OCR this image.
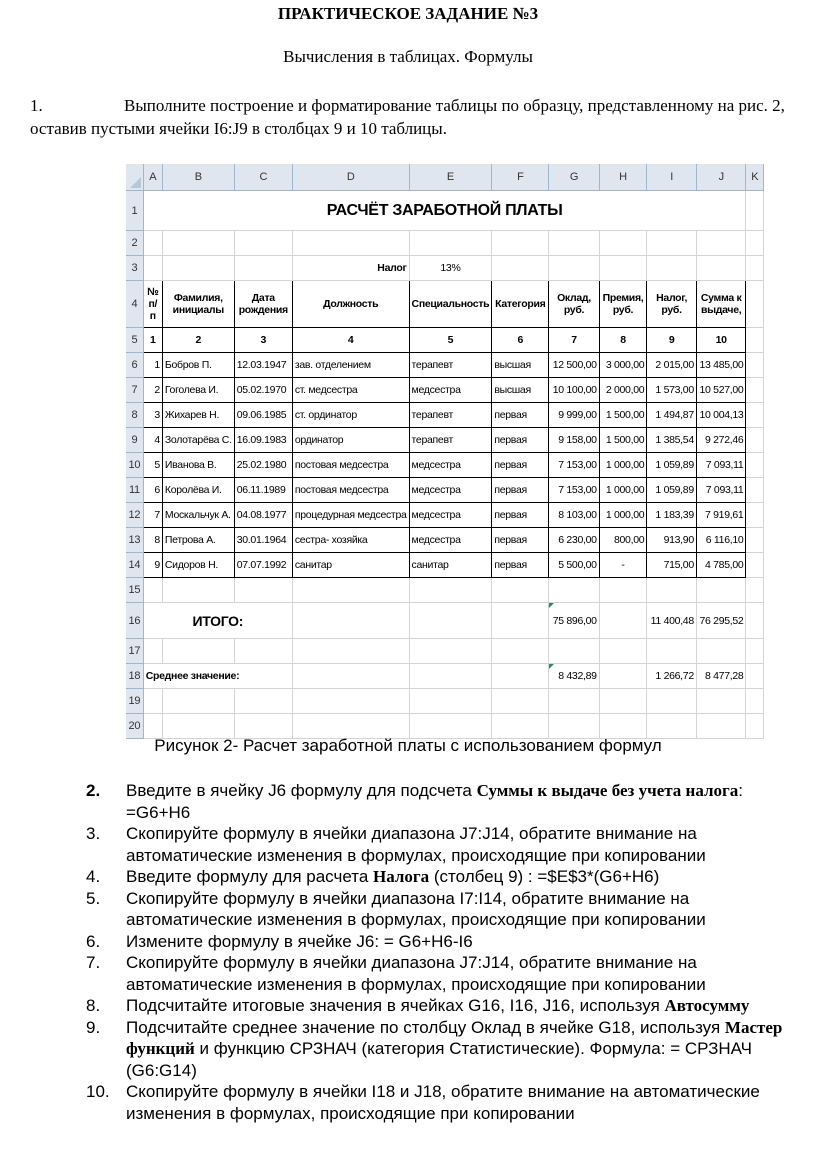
ПРАКТИЧЕСКОЕ ЗАДАНИЕ №3
Вычисления в таблицах. Формулы
1.	Выполните построение и форматирование таблицы по образцу, представленному на рис. 2, оставив пустыми ячейки I6:J9 в столбцах 9 и 10 таблицы.
	A	B	C	D	E	F	G	H	I	J	K
1	РАСЧЁТ ЗАРАБОТНОЙ ПЛАТЫ										
2											
3				Налог	13%						
4	№ п/п	Фамилия, инициалы	Дата рождения	Должность	Специальность	Категория	Оклад, руб.	Премия, руб.	Налог, руб.	Сумма к выдаче,	
5	1	2	3	4	5	6	7	8	9	10	
6	1	Бобров П.	12.03.1947	зав. отделением	терапевт	высшая	12 500,00	3 000,00	2 015,00	13 485,00	
7	2	Гоголева И.	05.02.1970	ст. медсестра	медсестра	высшая	10 100,00	2 000,00	1 573,00	10 527,00	
8	3	Жихарев Н.	09.06.1985	ст. ординатор	терапевт	первая	9 999,00	1 500,00	1 494,87	10 004,13	
9	4	Золотарёва С.	16.09.1983	ординатор	терапевт	первая	9 158,00	1 500,00	1 385,54	9 272,46	
10	5	Иванова В.	25.02.1980	постовая медсестра	медсестра	первая	7 153,00	1 000,00	1 059,89	7 093,11	
11	6	Королёва И.	06.11.1989	постовая медсестра	медсестра	первая	7 153,00	1 000,00	1 059,89	7 093,11	
12	7	Москальчук А.	04.08.1977	процедурная медсестра	медсестра	первая	8 103,00	1 000,00	1 183,39	7 919,61	
13	8	Петрова А.	30.01.1964	сестра- хозяйка	медсестра	первая	6 230,00	800,00	913,90	6 116,10	
14	9	Сидоров Н.	07.07.1992	санитар	санитар	первая	5 500,00	-	715,00	4 785,00	
15											
16	ИТОГО:						75 896,00		11 400,48	76 295,52	
17											
18	Среднее значение:						8 432,89		1 266,72	8 477,28	
19											
20											
Рисунок 2- Расчет заработной платы с использованием формул
2.	Введите в ячейку J6 формулу для подсчета Суммы к выдаче без учета налога: =G6+H6
3.	Скопируйте формулу в ячейки диапазона J7:J14, обратите внимание на автоматические изменения в формулах, происходящие при копировании
4.	Введите формулу для расчета Налога (столбец 9) : =$E$3*(G6+H6)
5.	Скопируйте формулу в ячейки диапазона I7:I14, обратите внимание на автоматические изменения в формулах, происходящие при копировании
6.	Измените формулу в ячейке J6: = G6+H6-I6
7.	Скопируйте формулу в ячейки диапазона J7:J14, обратите внимание на автоматические изменения в формулах, происходящие при копировании
8.	Подсчитайте итоговые значения в ячейках G16, I16, J16, используя Автосумму
9.	Подсчитайте среднее значение по столбцу Оклад в ячейке G18, используя Мастер функций и функцию СРЗНАЧ (категория Статистические). Формула: = СРЗНАЧ (G6:G14)
10. Скопируйте формулу в ячейки I18 и J18, обратите внимание на автоматические изменения в формулах, происходящие при копировании
